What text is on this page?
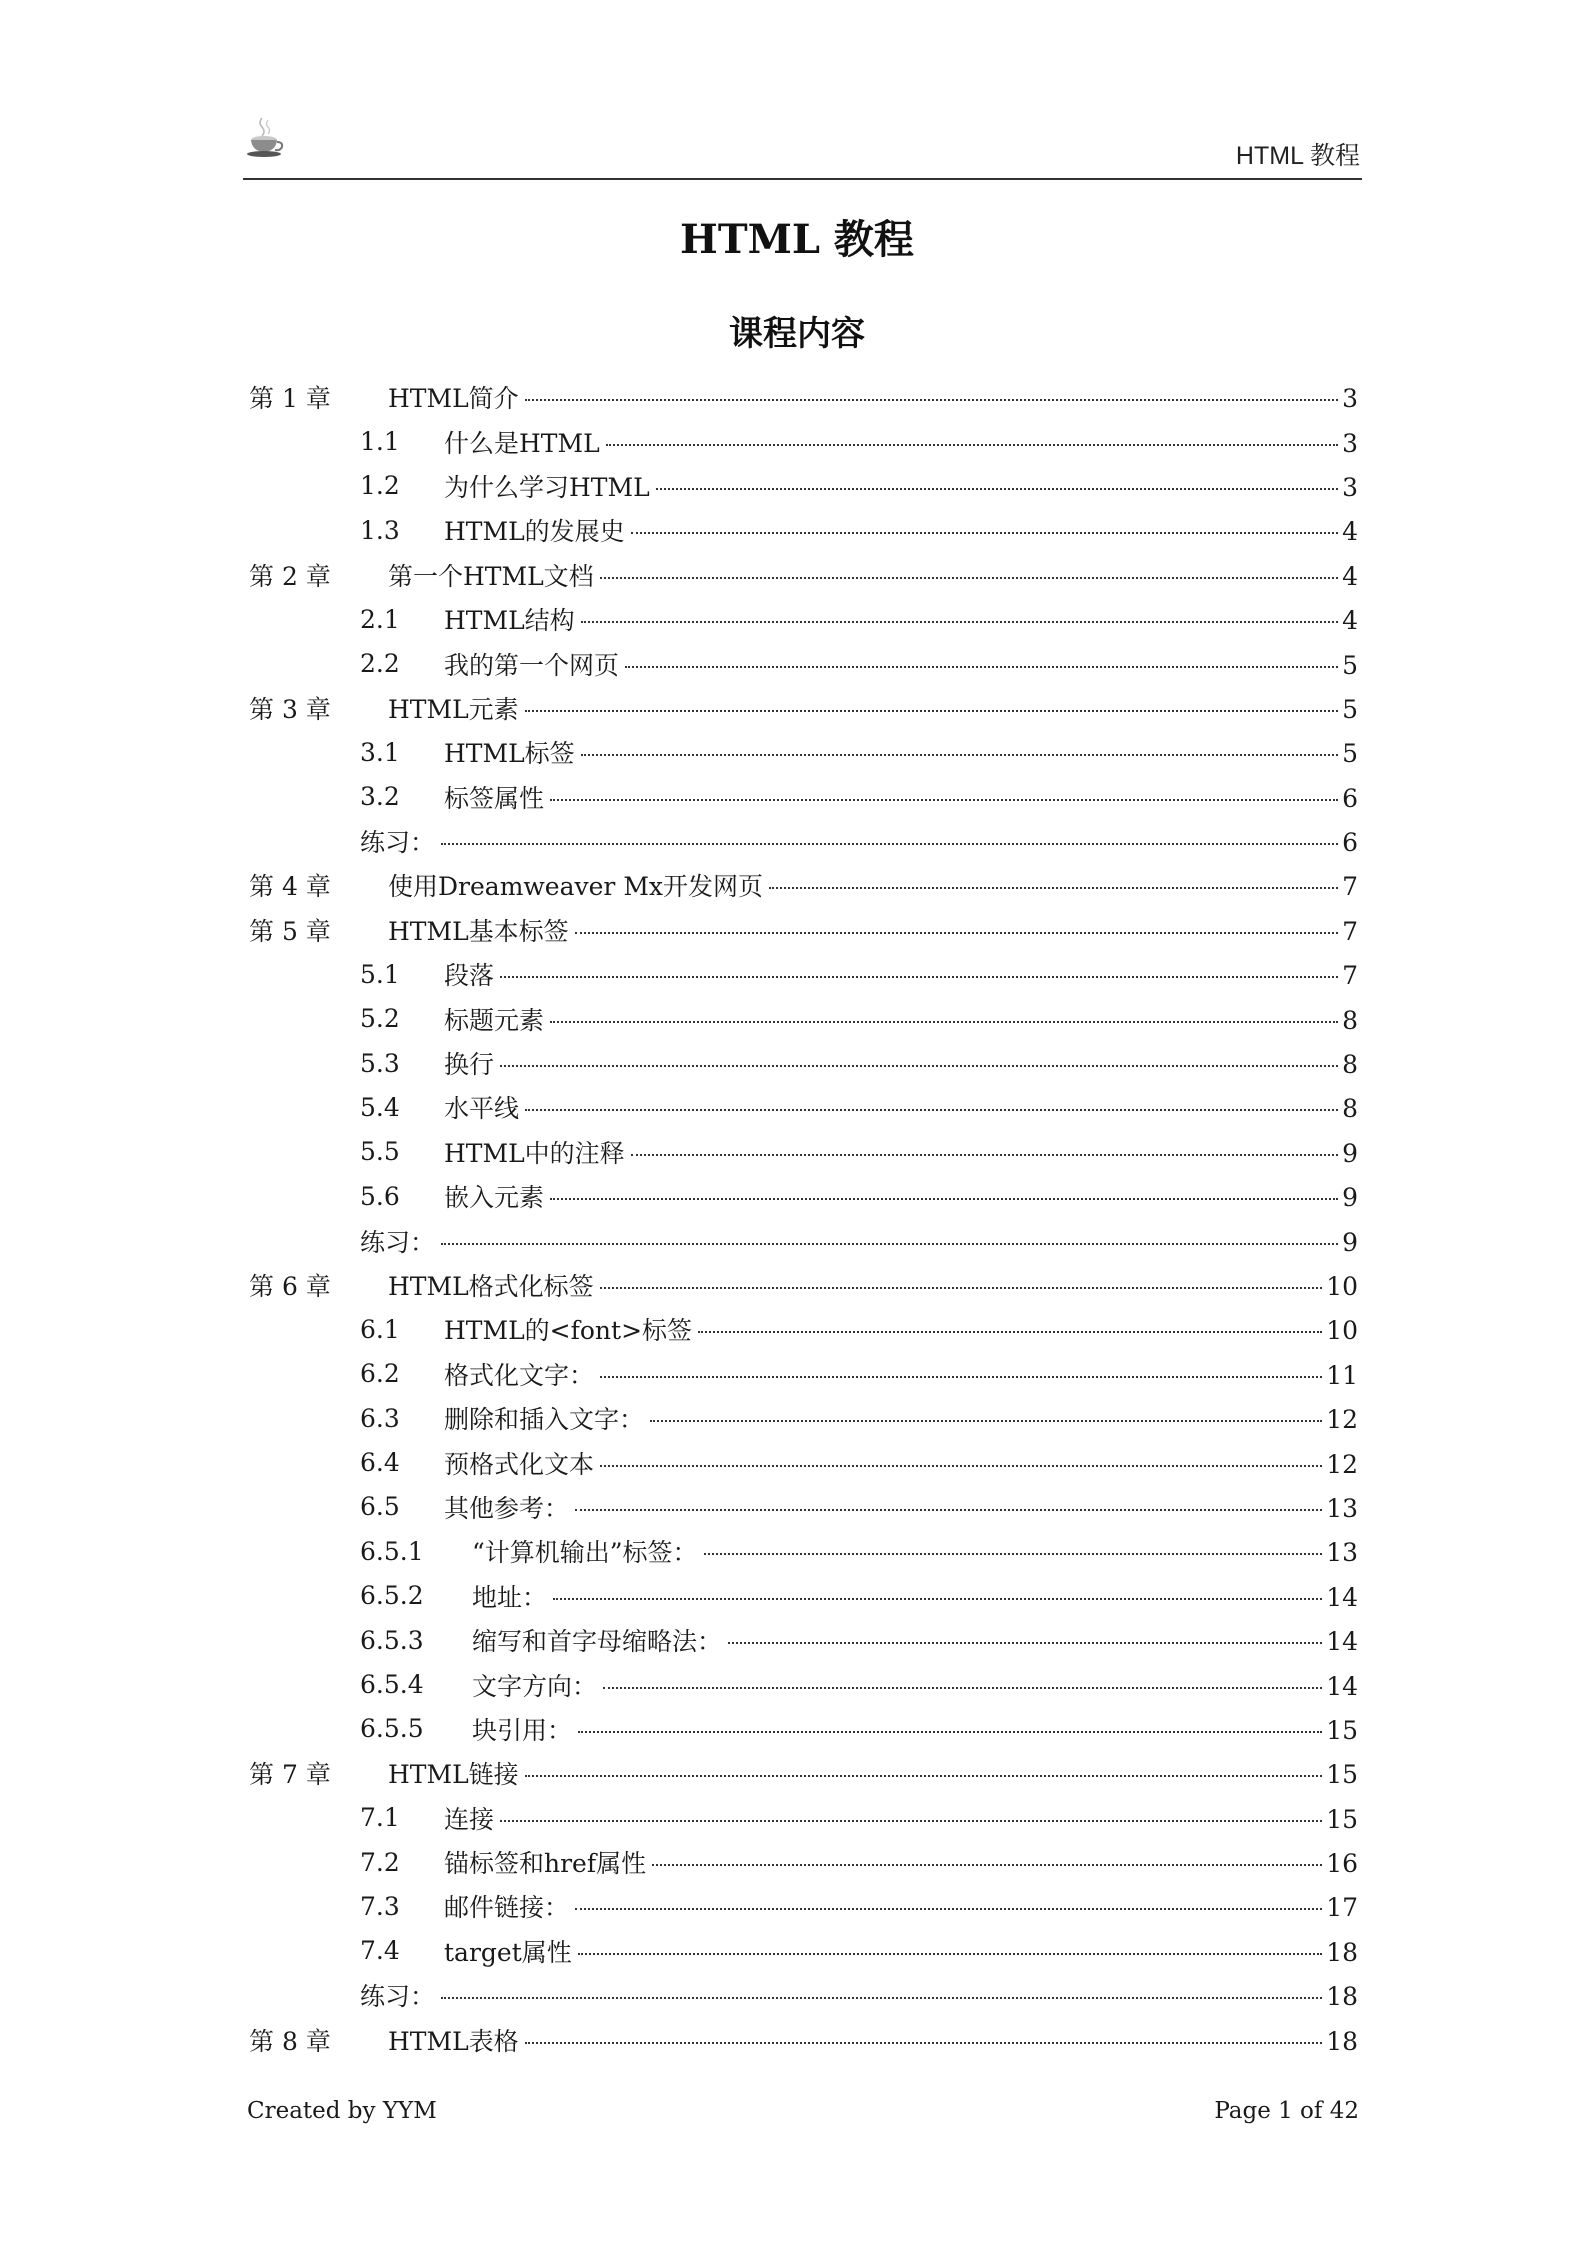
HTML 教程
HTML 教程
课程内容
第 1 章 HTML简介	3
1.1 什么是HTML	3
1.2 为什么学习HTML	3
1.3 HTML的发展史	4
第 2 章 第一个HTML文档	4
2.1 HTML结构	4
2.2 我的第一个网页	5
第 3 章 HTML元素	5
3.1 HTML标签	5
3.2 标签属性	6
练习：	6
第 4 章 使用Dreamweaver Mx开发网页	7
第 5 章 HTML基本标签	7
5.1 段落	7
5.2 标题元素	8
5.3 换行	8
5.4 水平线	8
5.5 HTML中的注释	9
5.6 嵌入元素	9
练习：	9
第 6 章 HTML格式化标签	10
6.1 HTML的<font>标签	10
6.2 格式化文字：	11
6.3 删除和插入文字：	12
6.4 预格式化文本	12
6.5 其他参考：	13
6.5.1 “计算机输出”标签：	13
6.5.2 地址：	14
6.5.3 缩写和首字母缩略法：	14
6.5.4 文字方向：	14
6.5.5 块引用：	15
第 7 章 HTML链接	15
7.1 连接	15
7.2 锚标签和href属性	16
7.3 邮件链接：	17
7.4 target属性	18
练习：	18
第 8 章 HTML表格	18
Created by YYM	Page 1 of 42
